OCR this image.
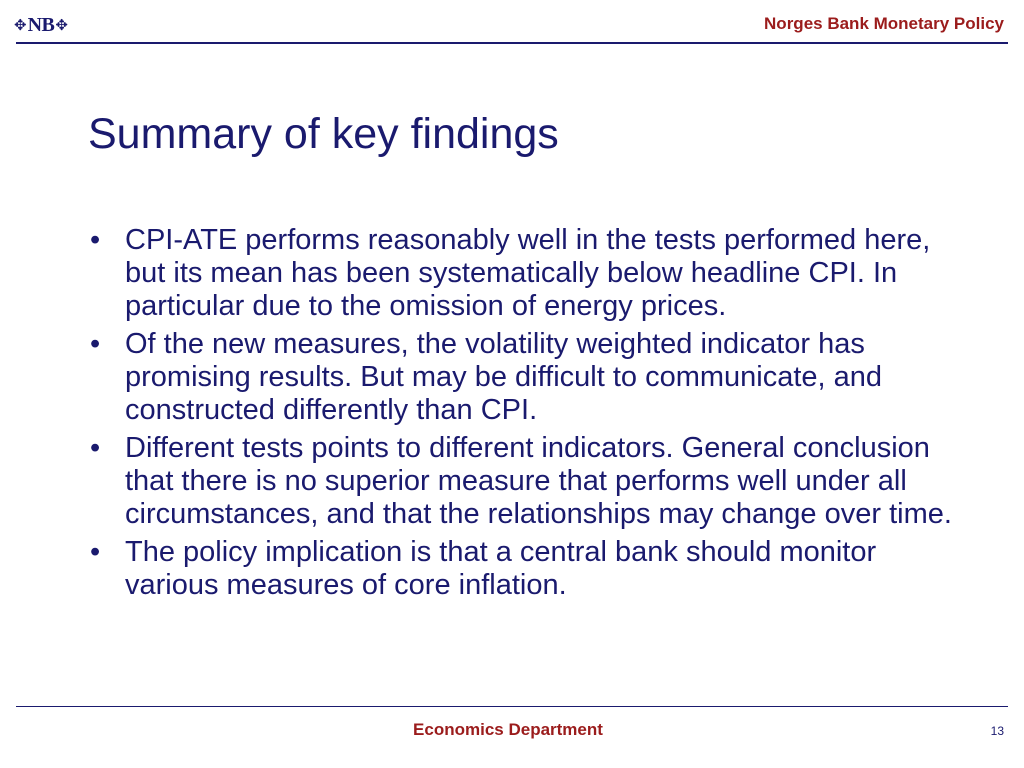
✥ NB ✥	Norges Bank Monetary Policy
Summary of key findings
• CPI-ATE performs reasonably well in the tests performed here, but its mean has been systematically below headline CPI. In particular due to the omission of energy prices.
• Of the new measures, the volatility weighted indicator has promising results. But may be difficult to communicate, and constructed differently than CPI.
• Different tests points to different indicators. General conclusion that there is no superior measure that performs well under all circumstances, and that the relationships may change over time.
• The policy implication is that a central bank should monitor various measures of core inflation.
Economics Department	13
